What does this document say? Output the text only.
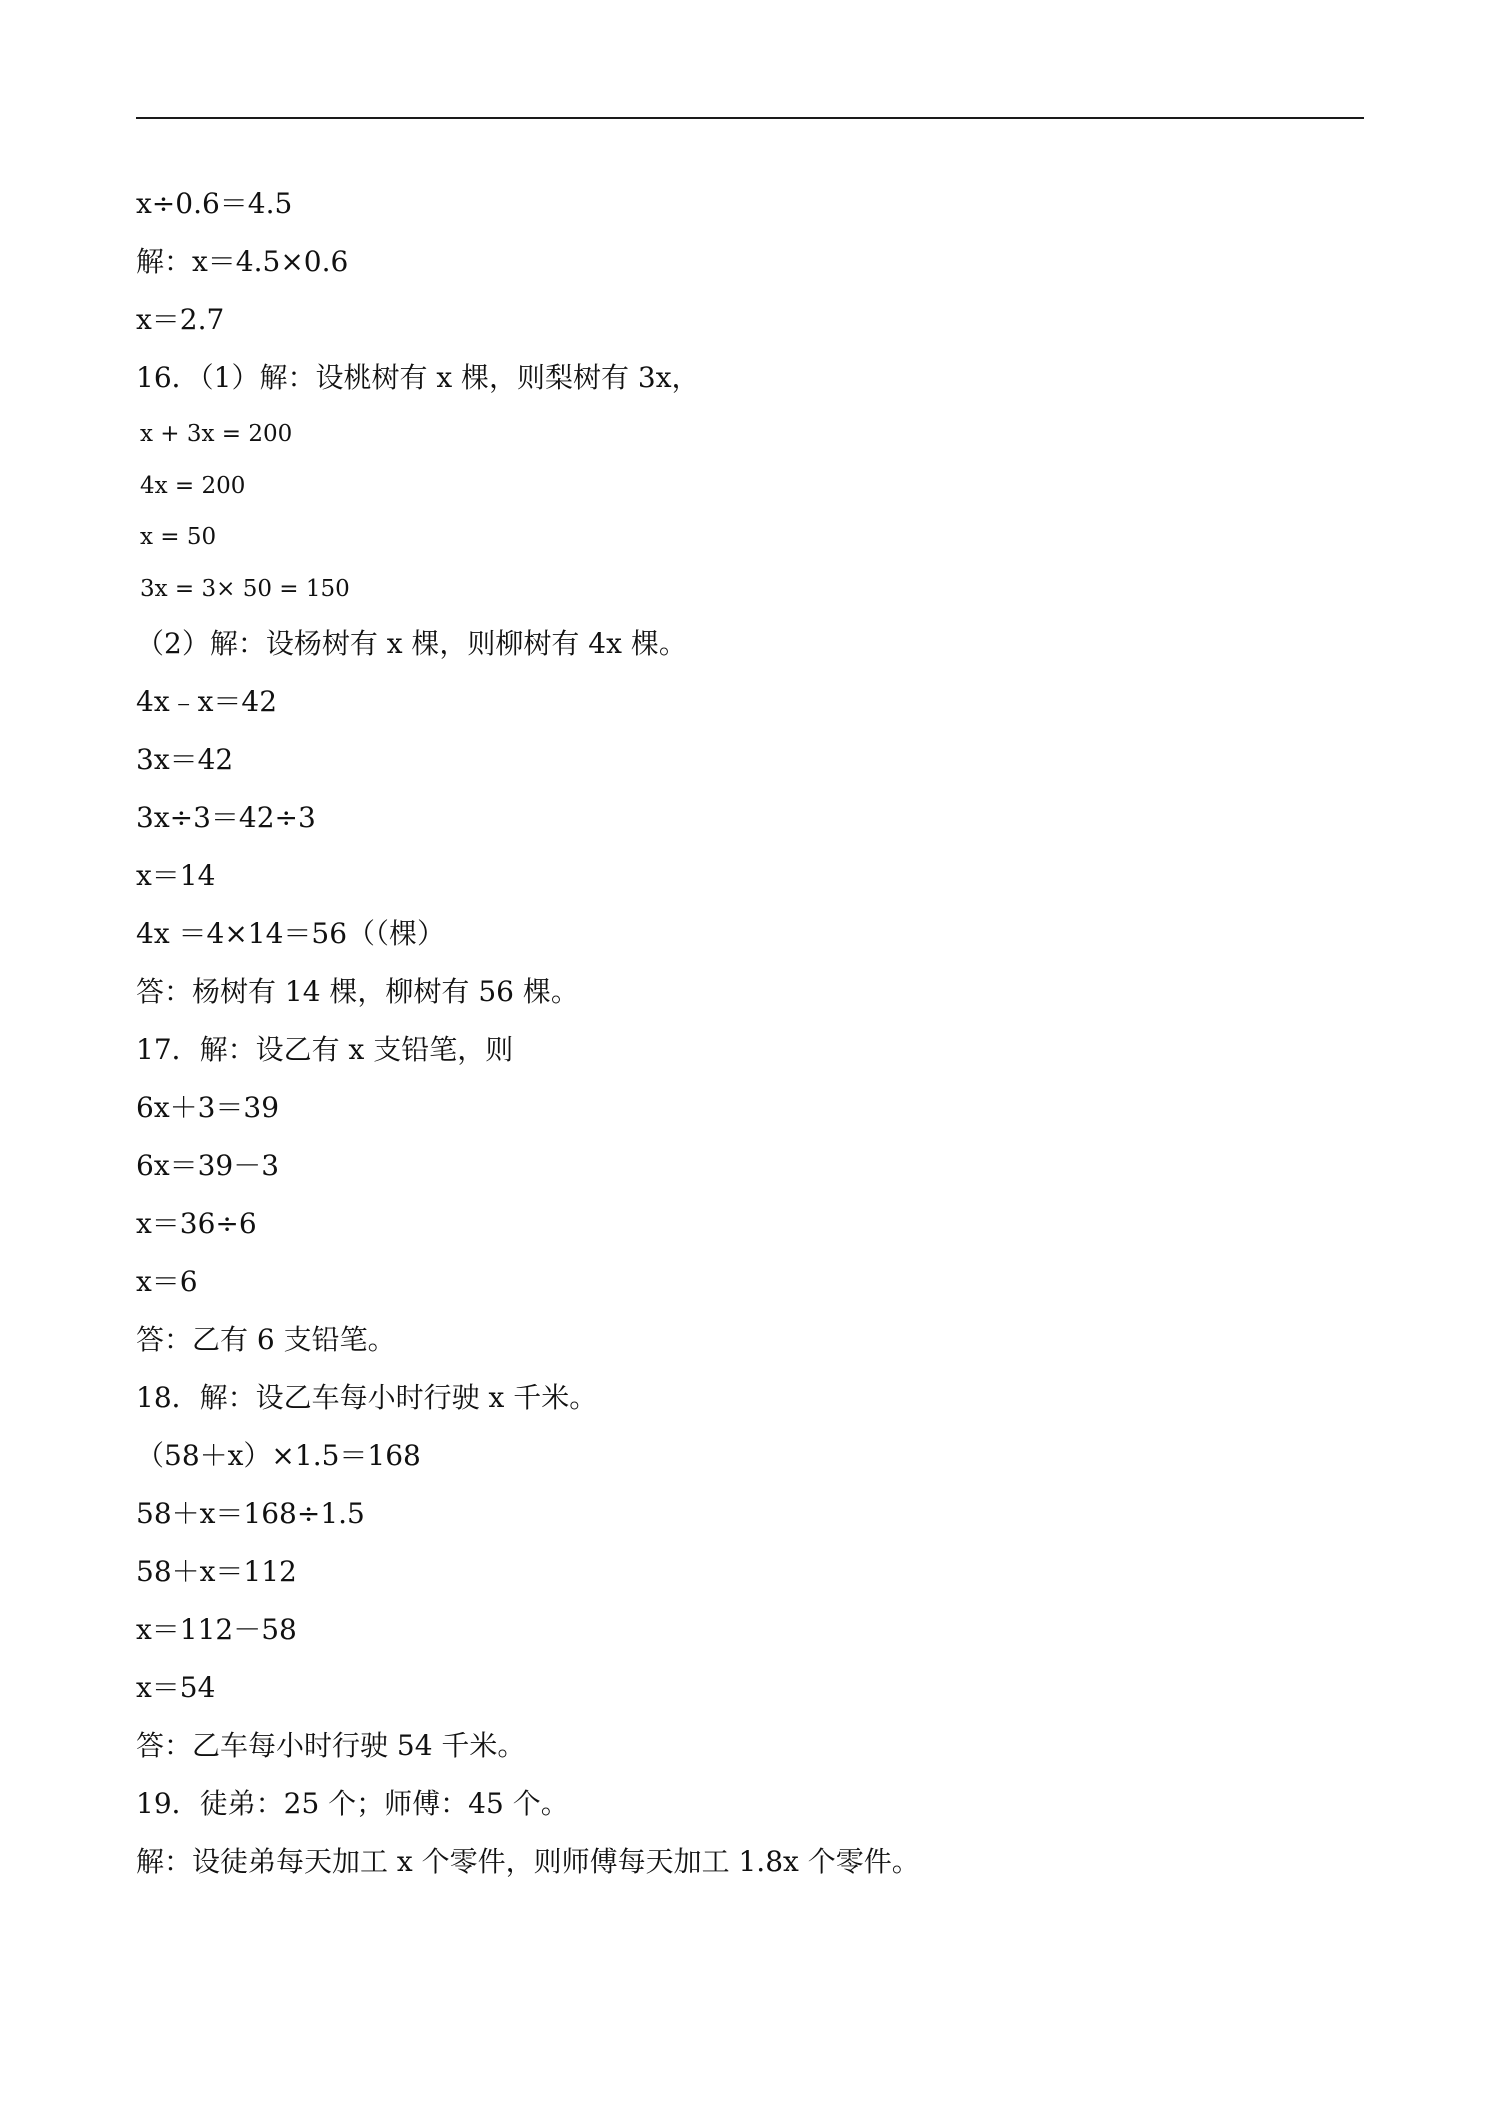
x÷0.6＝4.5
解：x＝4.5×0.6
x＝2.7
16．（1）解：设桃树有 x 棵，则梨树有 3x，
x + 3x = 200
4x = 200
x = 50
3x = 3× 50 = 150
（2）解：设杨树有 x 棵，则柳树有 4x 棵。
4x﹣x＝42
3x＝42
3x÷3＝42÷3
x＝14
4x ＝4×14＝56（（棵）
答：杨树有 14 棵，柳树有 56 棵。
17．解：设乙有 x 支铅笔，则
6x＋3＝39
6x＝39－3
x＝36÷6
x＝6
答：乙有 6 支铅笔。
18．解：设乙车每小时行驶 x 千米。
（58＋x）×1.5＝168
58＋x＝168÷1.5
58＋x＝112
x＝112－58
x＝54
答：乙车每小时行驶 54 千米。
19．徒弟：25 个；师傅：45 个。
解：设徒弟每天加工 x 个零件，则师傅每天加工 1.8x 个零件。
